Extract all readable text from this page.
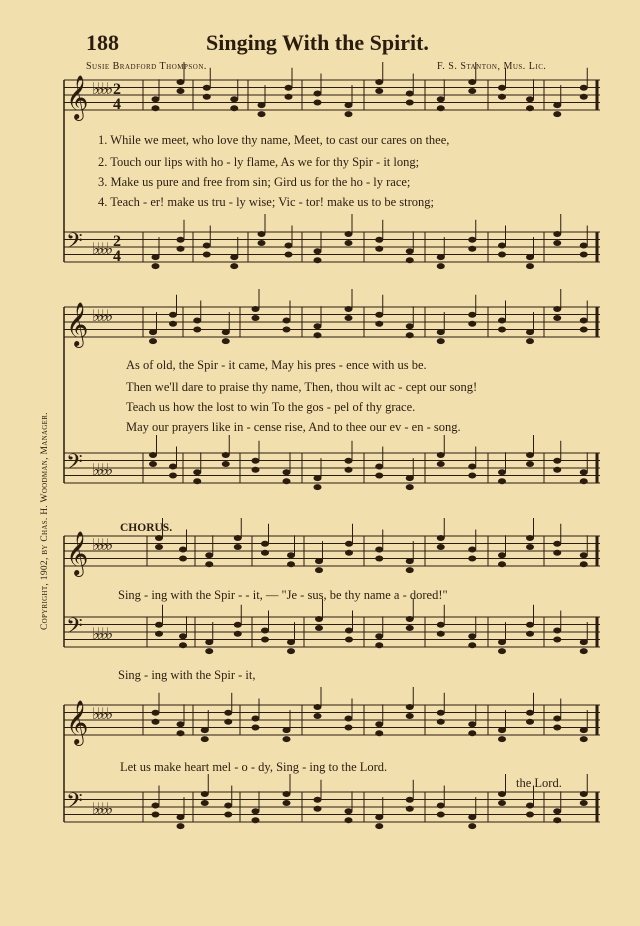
188	Singing With the Spirit.
Susie Bradford Thompson.	F. S. Stanton, Mus. Lic.
Copyright, 1902, by Chas. H. Woodman, Manager.
𝄞 ♭♭♭♭
𝄢 ♭♭♭♭
𝄞 ♭♭♭♭
𝄢 ♭♭♭♭
𝄞 ♭♭♭♭
𝄢 ♭♭♭♭
𝄞 ♭♭♭♭
𝄢 ♭♭♭♭
2
4
2
4
1. While we meet, who love thy name, Meet, to cast our cares on thee,
2. Touch our lips with ho - ly flame, As we for thy Spir - it long;
3. Make us pure and free from sin; Gird us for the ho - ly race;
4. Teach - er! make us tru - ly wise; Vic - tor! make us to be strong;
As of old, the Spir - it came, May his pres - ence with us be.
Then we'll dare to praise thy name, Then, thou wilt ac - cept our song!
Teach us how the lost to win To the gos - pel of thy grace.
May our prayers like in - cense rise, And to thee our ev - en - song.
CHORUS.
Sing - ing with the Spir - - it, — "Je - sus, be thy name a - dored!"
Sing - ing with the Spir - it,
Let us make heart mel - o - dy, Sing - ing to the Lord.
the Lord.
